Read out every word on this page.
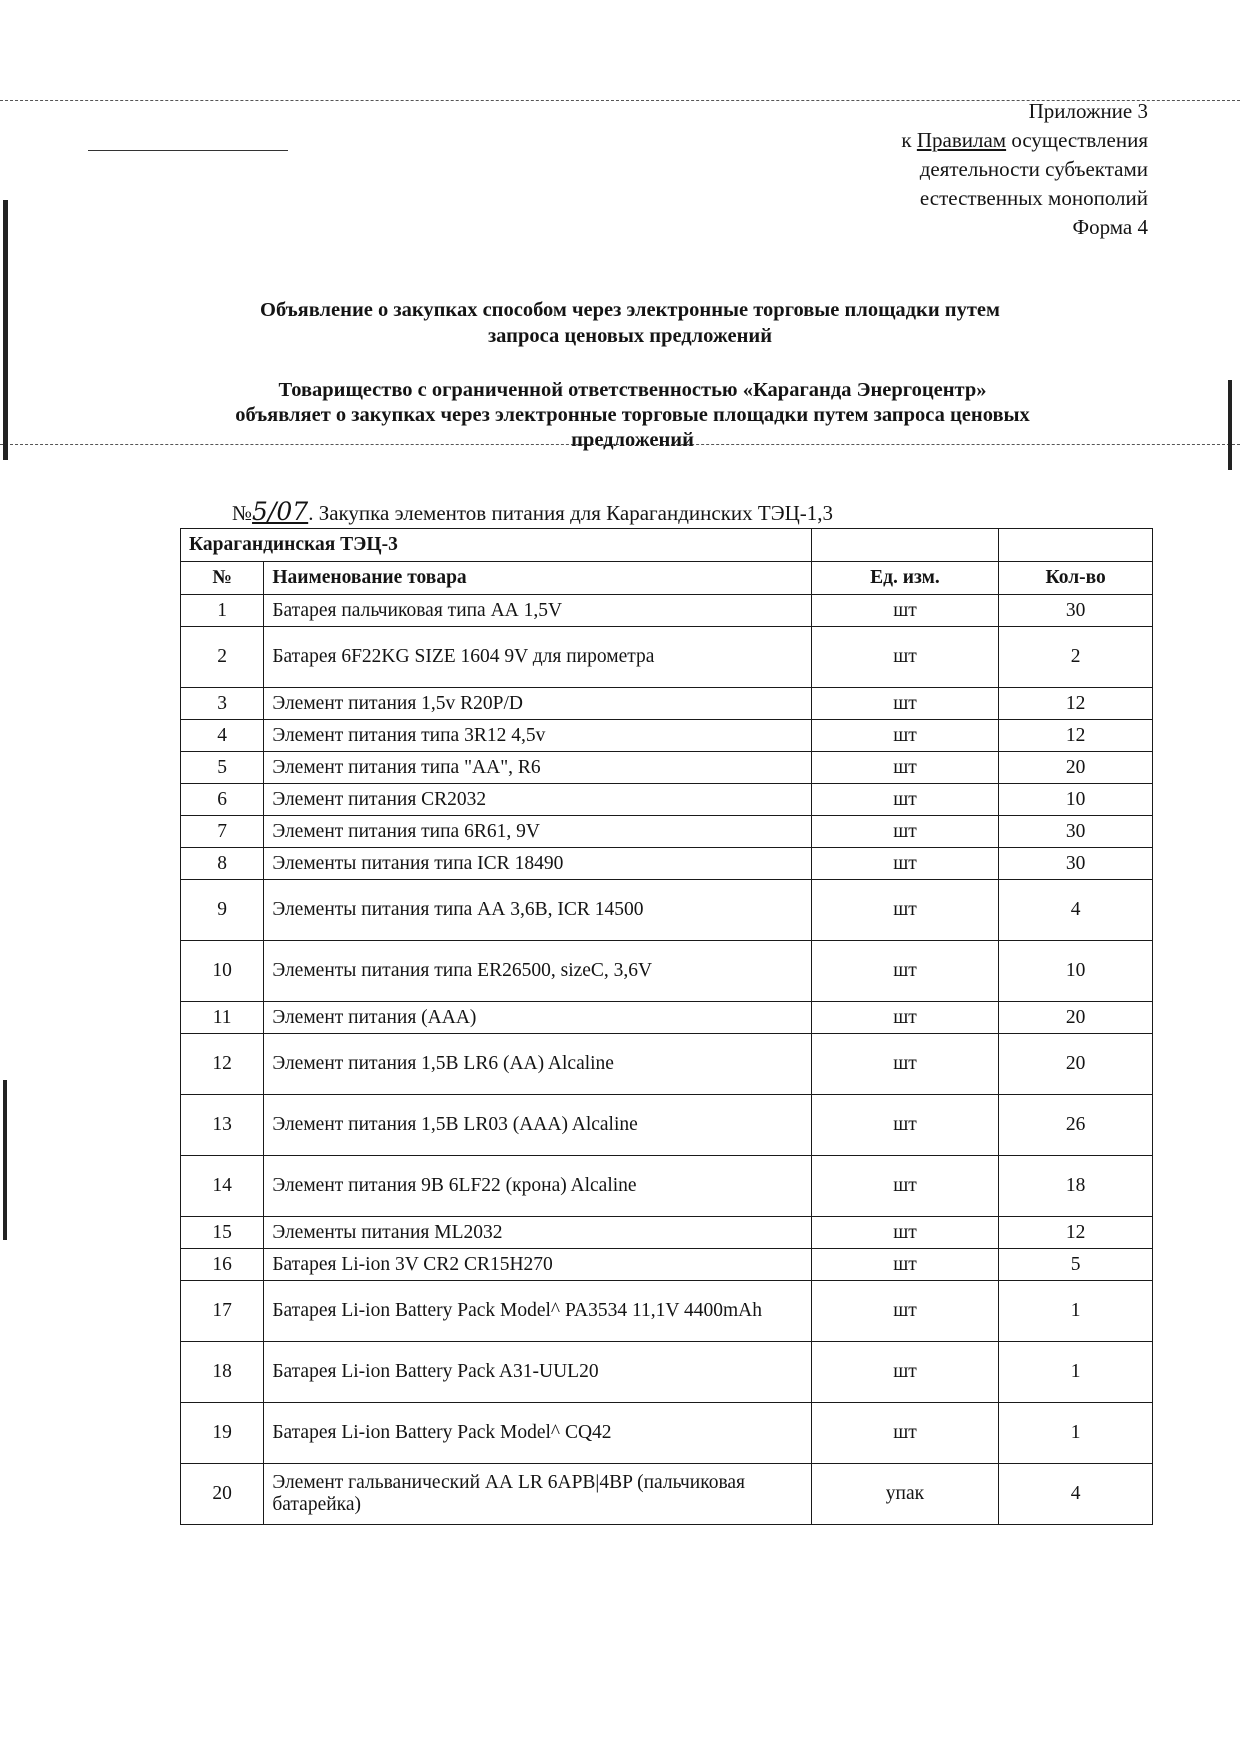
Приложние 3
к Правилам осуществления
деятельности субъектами
естественных монополий
Форма 4
Объявление о закупках способом через электронные торговые площадки путем
запроса ценовых предложений
Товарищество с ограниченной ответственностью «Караганда Энергоцентр»
объявляет о закупках через электронные торговые площадки путем запроса ценовых
предложений
№5/07. Закупка элементов питания для Карагандинских ТЭЦ-1,3
Карагандинская ТЭЦ-3			
№	Наименование товара	Ед. изм.	Кол-во
1	Батарея пальчиковая типа АА 1,5V	шт	30
2	Батарея 6F22KG SIZE 1604 9V для пирометра	шт	2
3	Элемент питания 1,5v R20P/D	шт	12
4	Элемент питания типа 3R12 4,5v	шт	12
5	Элемент питания типа "АА", R6	шт	20
6	Элемент питания CR2032	шт	10
7	Элемент питания типа 6R61, 9V	шт	30
8	Элементы питания типа ICR 18490	шт	30
9	Элементы питания типа АА 3,6В, ICR 14500	шт	4
10	Элементы питания типа ER26500, sizeC, 3,6V	шт	10
11	Элемент питания (ААА)	шт	20
12	Элемент питания 1,5В LR6 (АА) Alcaline	шт	20
13	Элемент питания 1,5В LR03 (ААА) Alcaline	шт	26
14	Элемент питания 9В 6LF22 (крона) Alcaline	шт	18
15	Элементы питания ML2032	шт	12
16	Батарея Li-ion 3V CR2 CR15H270	шт	5
17	Батарея Li-ion Battery Pack Model^ PA3534 11,1V 4400mAh	шт	1
18	Батарея Li-ion Battery Pack A31-UUL20	шт	1
19	Батарея Li-ion Battery Pack Model^ CQ42	шт	1
20	Элемент гальванический АА LR 6APB|4BP (пальчиковая батарейка)	упак	4
